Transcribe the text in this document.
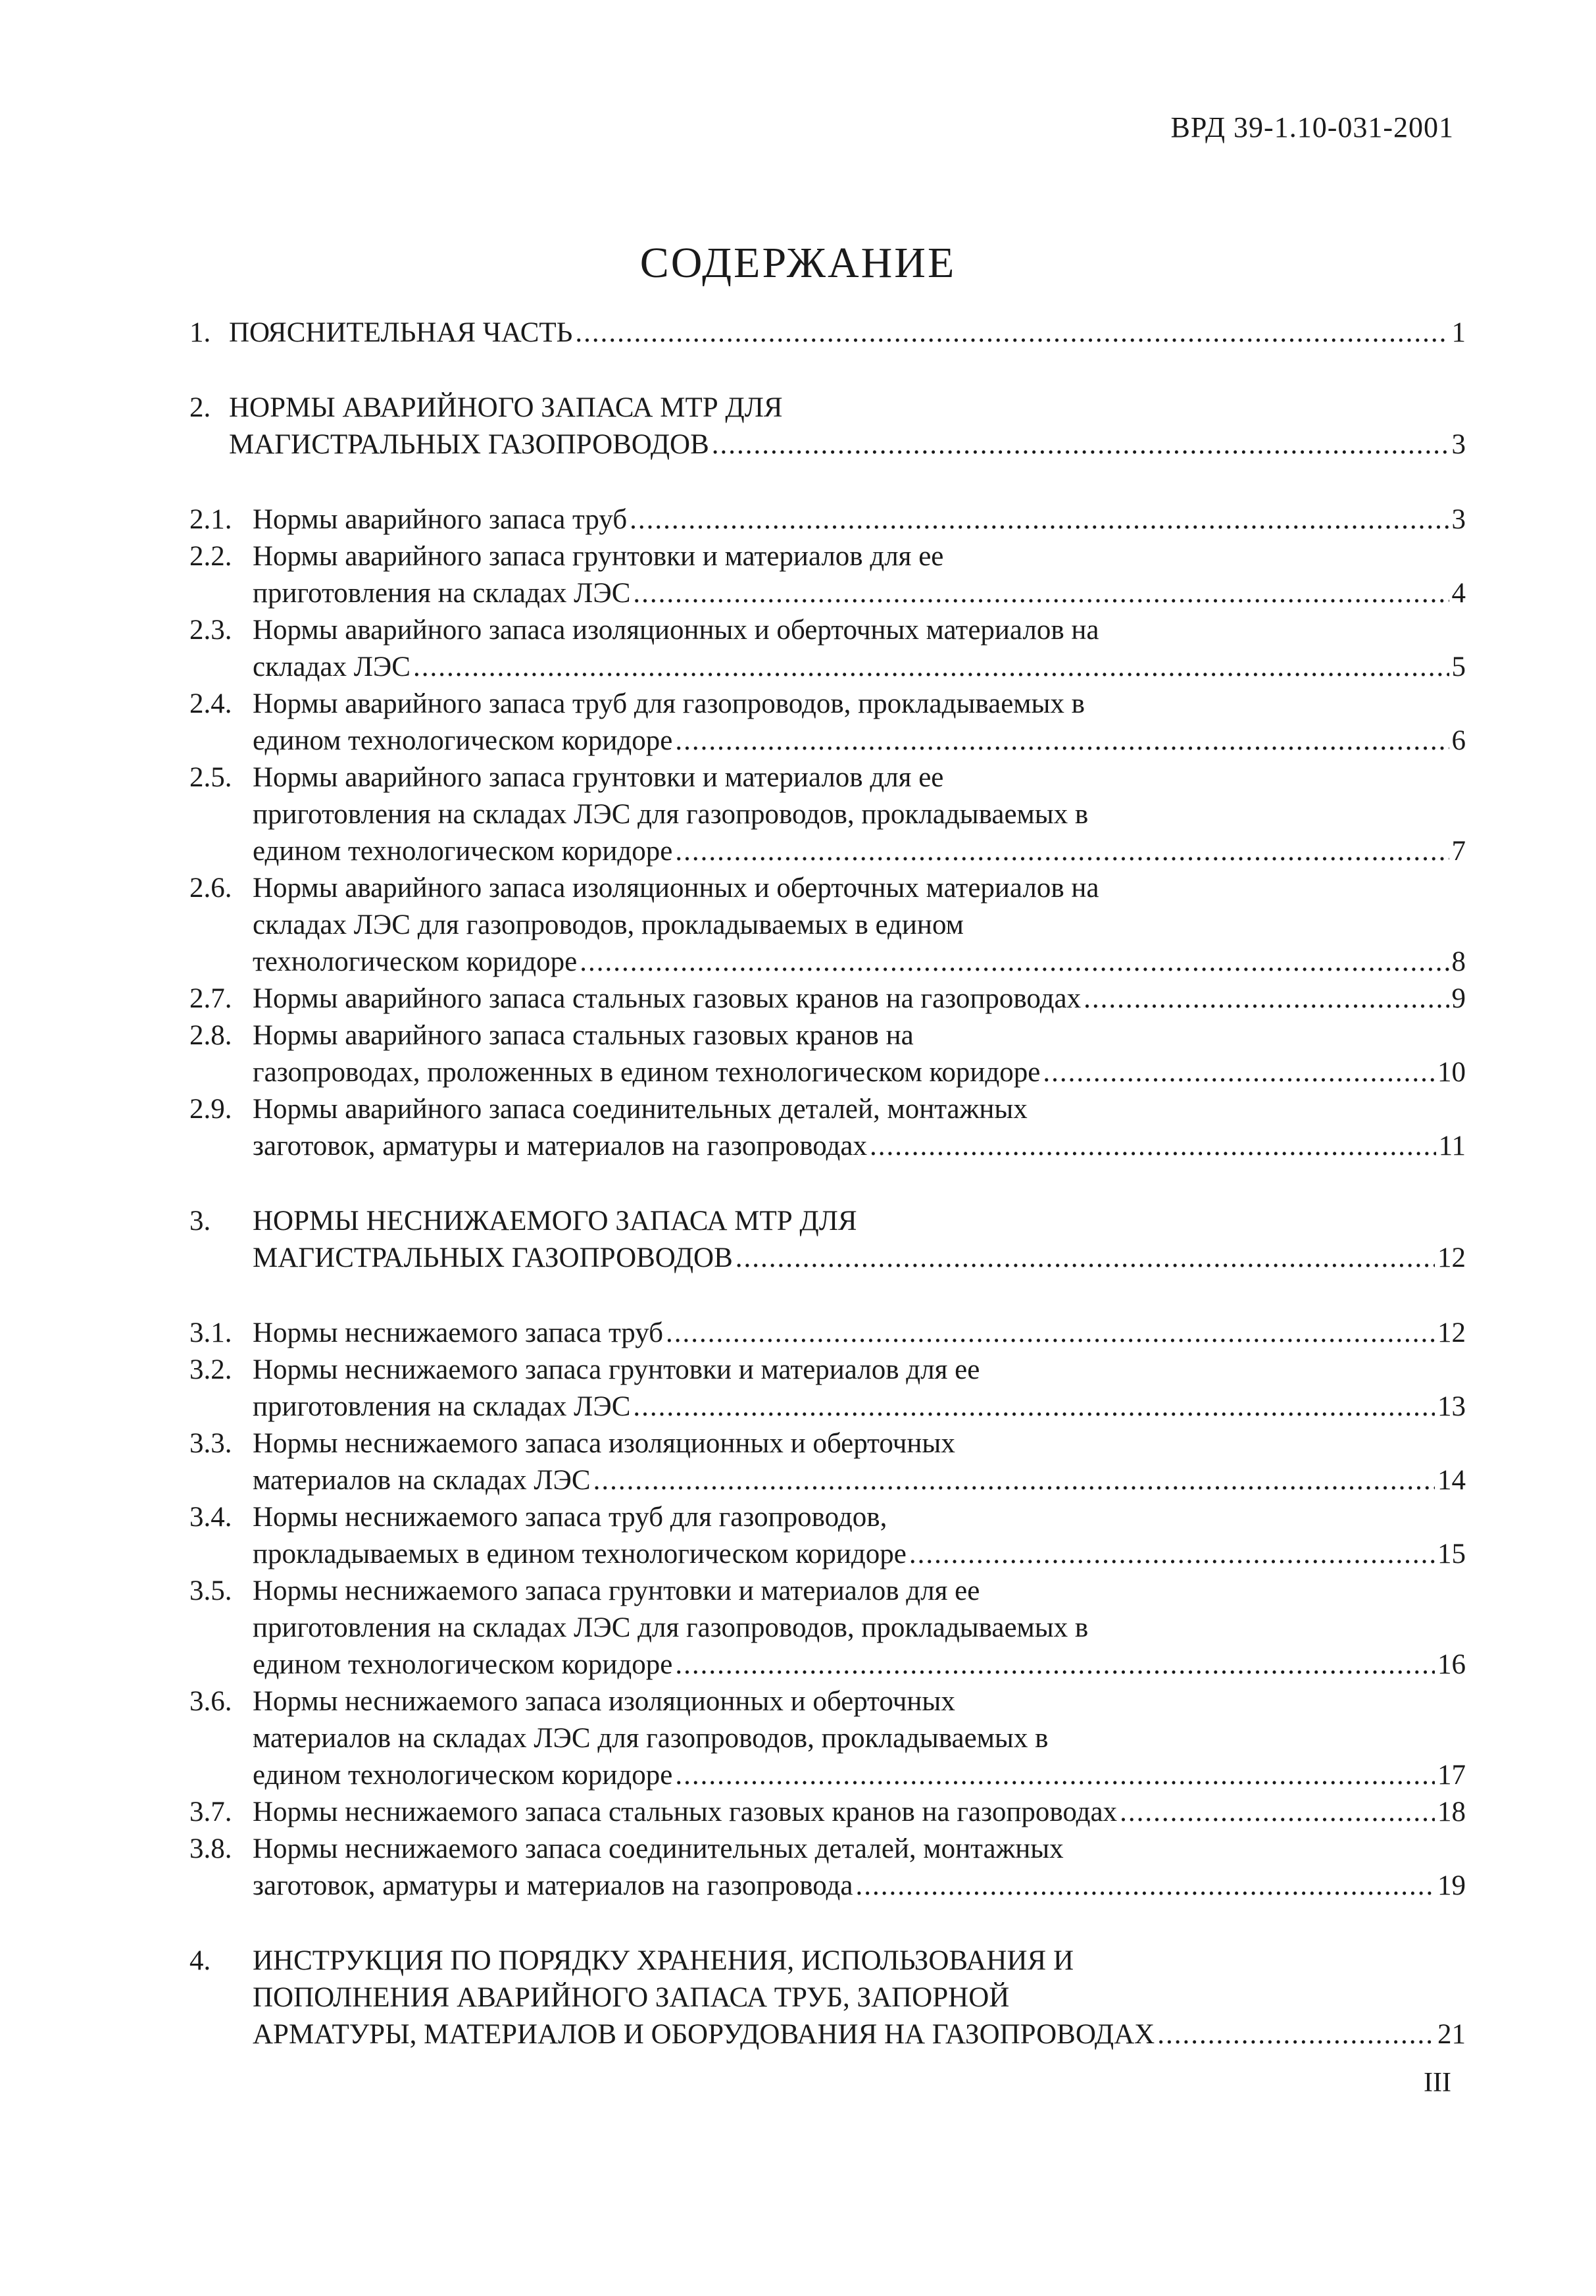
ВРД 39-1.10-031-2001
СОДЕРЖАНИЕ
1. ПОЯСНИТЕЛЬНАЯ ЧАСТЬ .....	1
2. НОРМЫ АВАРИЙНОГО ЗАПАСА МТР ДЛЯ
МАГИСТРАЛЬНЫХ ГАЗОПРОВОДОВ .....	3
2.1. Нормы аварийного запаса труб .....	3
2.2. Нормы аварийного запаса грунтовки и материалов для ее
приготовления на складах ЛЭС .....	4
2.3. Нормы аварийного запаса изоляционных и оберточных материалов на
складах ЛЭС .....	5
2.4. Нормы аварийного запаса труб для газопроводов, прокладываемых в
едином технологическом коридоре .....	6
2.5. Нормы аварийного запаса грунтовки и материалов для ее
приготовления на складах ЛЭС для газопроводов, прокладываемых в
едином технологическом коридоре .....	7
2.6. Нормы аварийного запаса изоляционных и оберточных материалов на
складах ЛЭС для газопроводов, прокладываемых в едином
технологическом коридоре .....	8
2.7. Нормы аварийного запаса стальных газовых кранов на газопроводах .....	9
2.8. Нормы аварийного запаса стальных газовых кранов на
газопроводах, проложенных в едином технологическом коридоре .....	10
2.9. Нормы аварийного запаса соединительных деталей, монтажных
заготовок, арматуры и материалов на газопроводах .....	11
3.	НОРМЫ НЕСНИЖАЕМОГО ЗАПАСА МТР ДЛЯ
МАГИСТРАЛЬНЫХ ГАЗОПРОВОДОВ .....	12
3.1. Нормы неснижаемого запаса труб .....	12
3.2. Нормы неснижаемого запаса грунтовки и материалов для ее
приготовления на складах ЛЭС .....	13
3.3. Нормы неснижаемого запаса изоляционных и оберточных
материалов на складах ЛЭС .....	14
3.4. Нормы неснижаемого запаса труб для газопроводов,
прокладываемых в едином технологическом коридоре .....	15
3.5. Нормы неснижаемого запаса грунтовки и материалов для ее
приготовления на складах ЛЭС для газопроводов, прокладываемых в
едином технологическом коридоре .....	16
3.6. Нормы неснижаемого запаса изоляционных и оберточных
материалов на складах ЛЭС для газопроводов, прокладываемых в
едином технологическом коридоре .....	17
3.7. Нормы неснижаемого запаса стальных газовых кранов на газопроводах .....	18
3.8. Нормы неснижаемого запаса соединительных деталей, монтажных
заготовок, арматуры и материалов на газопровода .....	19
4.	ИНСТРУКЦИЯ ПО ПОРЯДКУ ХРАНЕНИЯ, ИСПОЛЬЗОВАНИЯ И
ПОПОЛНЕНИЯ АВАРИЙНОГО ЗАПАСА ТРУБ, ЗАПОРНОЙ
АРМАТУРЫ, МАТЕРИАЛОВ И ОБОРУДОВАНИЯ НА ГАЗОПРОВОДАХ .....	21
III
